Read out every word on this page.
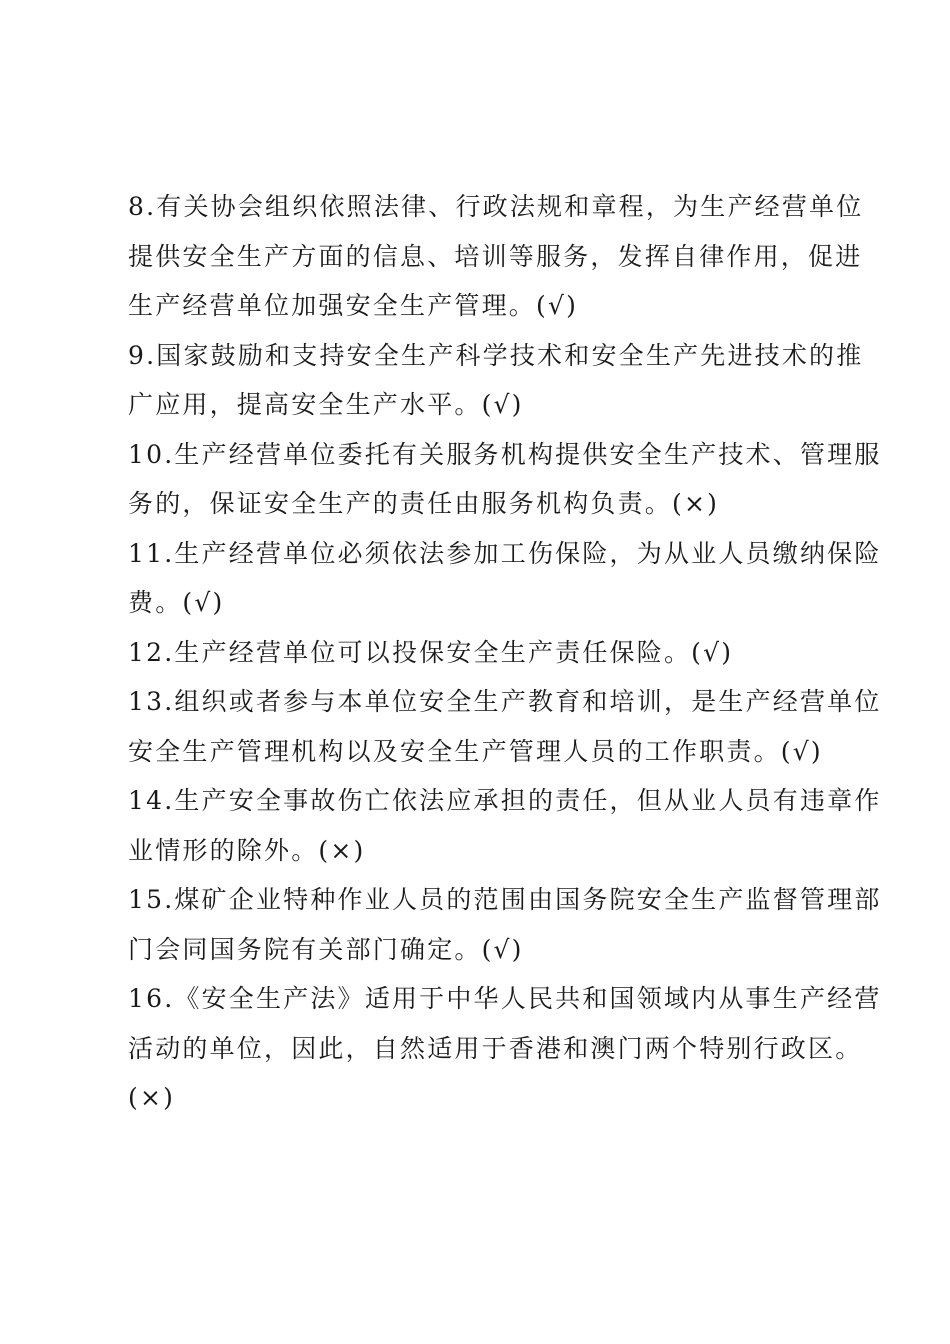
8.有关协会组织依照法律、行政法规和章程，为生产经营单位
提供安全生产方面的信息、培训等服务，发挥自律作用，促进
生产经营单位加强安全生产管理。(√)
9.国家鼓励和支持安全生产科学技术和安全生产先进技术的推
广应用，提高安全生产水平。(√)
10.生产经营单位委托有关服务机构提供安全生产技术、管理服
务的，保证安全生产的责任由服务机构负责。(×)
11.生产经营单位必须依法参加工伤保险，为从业人员缴纳保险
费。(√)
12.生产经营单位可以投保安全生产责任保险。(√)
13.组织或者参与本单位安全生产教育和培训，是生产经营单位
安全生产管理机构以及安全生产管理人员的工作职责。(√)
14.生产安全事故伤亡依法应承担的责任，但从业人员有违章作
业情形的除外。(×)
15.煤矿企业特种作业人员的范围由国务院安全生产监督管理部
门会同国务院有关部门确定。(√)
16.《安全生产法》适用于中华人民共和国领域内从事生产经营
活动的单位，因此，自然适用于香港和澳门两个特别行政区。
(×)
